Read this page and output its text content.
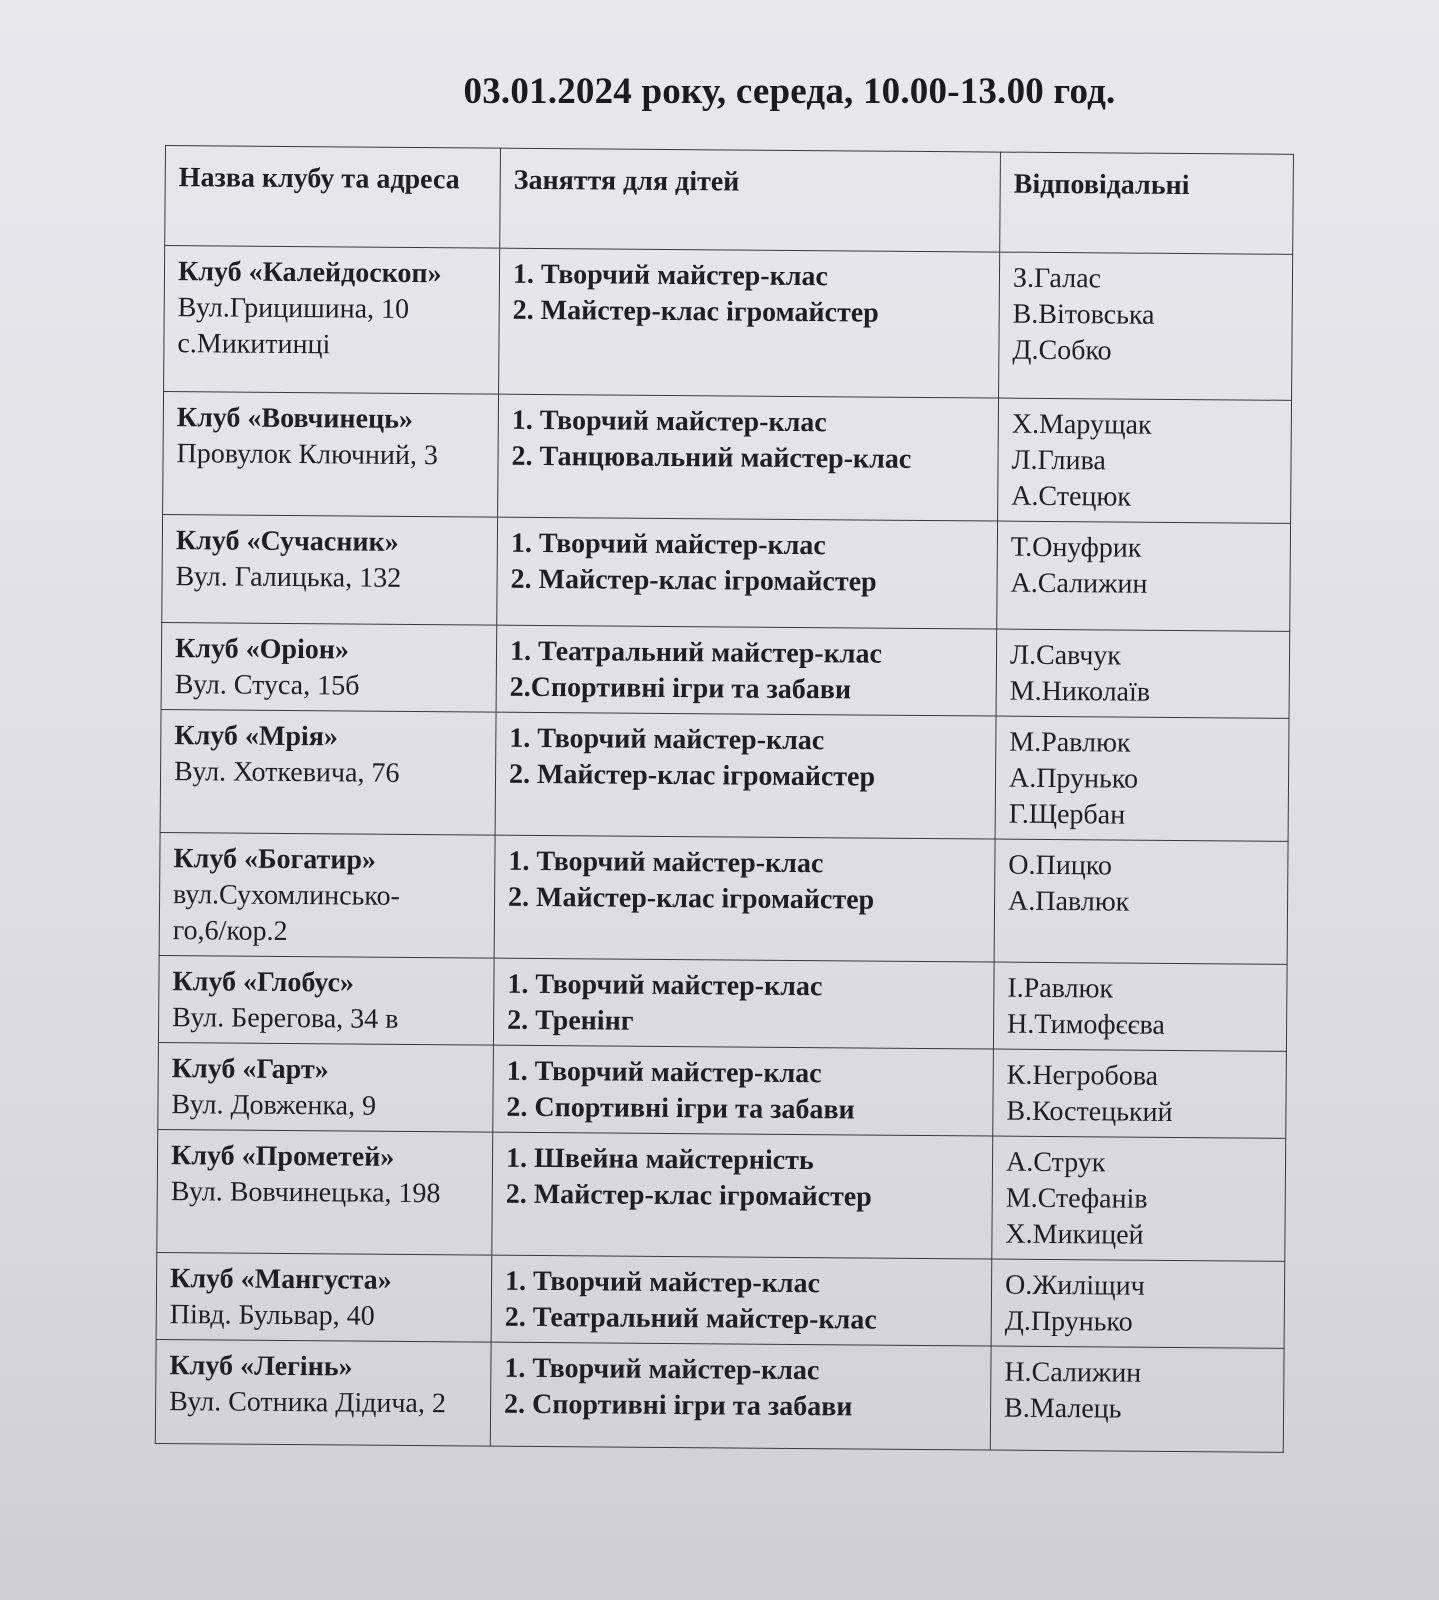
03.01.2024 року, середа, 10.00-13.00 год.
Назва клубу та адреса	Заняття для дітей	Відповідальні

Клуб «Калейдоскоп»
Вул.Грицишина, 10
с.Микитинці	1. Творчий майстер-клас
2. Майстер-клас ігромайстер	З.Галас
В.Вітовська
Д.Собко

Клуб «Вовчинець»
Провулок Ключний, 3	1. Творчий майстер-клас
2. Танцювальний майстер-клас	Х.Марущак
Л.Глива
А.Стецюк

Клуб «Сучасник»
Вул. Галицька, 132	1. Творчий майстер-клас
2. Майстер-клас ігромайстер	Т.Онуфрик
А.Салижин

Клуб «Оріон»
Вул. Стуса, 15б	1. Театральний майстер-клас
2.Спортивні ігри та забави	Л.Савчук
М.Николаїв

Клуб «Мрія»
Вул. Хоткевича, 76	1. Творчий майстер-клас
2. Майстер-клас ігромайстер	М.Равлюк
А.Прунько
Г.Щербан

Клуб «Богатир»
вул.Сухомлинсько-
го,6/кор.2	1. Творчий майстер-клас
2. Майстер-клас ігромайстер	О.Пицко
А.Павлюк

Клуб «Глобус»
Вул. Берегова, 34 в	1. Творчий майстер-клас
2. Тренінг	І.Равлюк
Н.Тимофєєва

Клуб «Гарт»
Вул. Довженка, 9	1. Творчий майстер-клас
2. Спортивні ігри та забави	К.Негробова
В.Костецький

Клуб «Прометей»
Вул. Вовчинецька, 198	1. Швейна майстерність
2. Майстер-клас ігромайстер	А.Струк
М.Стефанів
Х.Микицей

Клуб «Мангуста»
Півд. Бульвар, 40	1. Творчий майстер-клас
2. Театральний майстер-клас	О.Жиліщич
Д.Прунько

Клуб «Легінь»
Вул. Сотника Дідича, 2	1. Творчий майстер-клас
2. Спортивні ігри та забави	Н.Салижин
В.Малець
